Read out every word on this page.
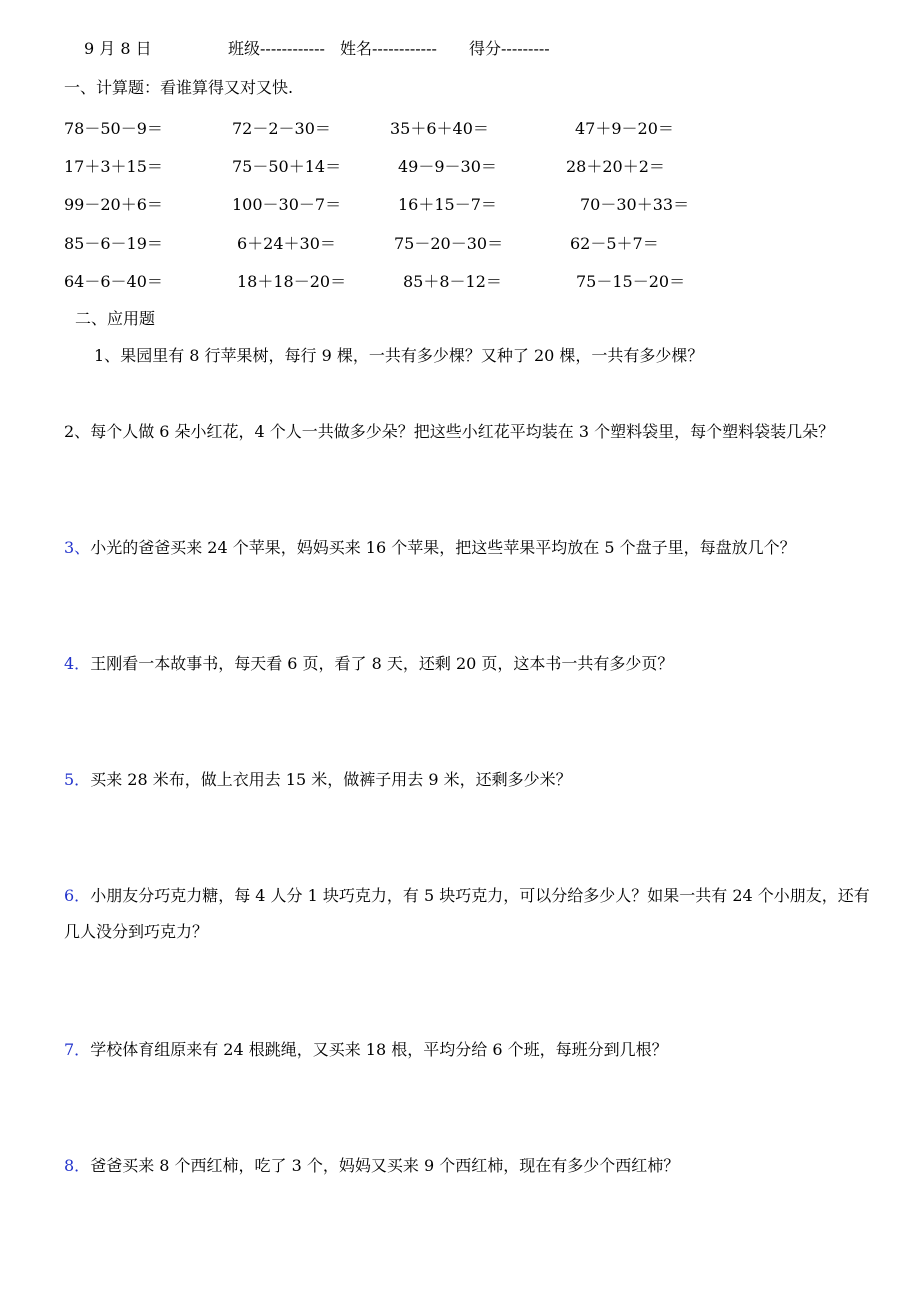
9 月 8 日	班级------------ 姓名------------ 得分---------
一、计算题：看谁算得又对又快.
78－50－9＝	72－2－30＝	35＋6＋40＝	47＋9－20＝
17＋3＋15＝	75－50＋14＝	49－9－30＝	28＋20＋2＝
99－20＋6＝	100－30－7＝	16＋15－7＝	70－30＋33＝
85－6－19＝	6＋24＋30＝	75－20－30＝	62－5＋7＝
64－6－40＝	18＋18－20＝	85＋8－12＝	75－15－20＝
二、应用题
1、果园里有 8 行苹果树，每行 9 棵，一共有多少棵？又种了 20 棵，一共有多少棵？
2、每个人做 6 朵小红花，4 个人一共做多少朵？把这些小红花平均装在 3 个塑料袋里，每个塑料袋装几朵？
3、小光的爸爸买来 24 个苹果，妈妈买来 16 个苹果，把这些苹果平均放在 5 个盘子里，每盘放几个？
4．王刚看一本故事书，每天看 6 页，看了 8 天，还剩 20 页，这本书一共有多少页？
5．买来 28 米布，做上衣用去 15 米，做裤子用去 9 米，还剩多少米？
6．小朋友分巧克力糖，每 4 人分 1 块巧克力，有 5 块巧克力，可以分给多少人？如果一共有 24 个小朋友，还有几人没分到巧克力？
7．学校体育组原来有 24 根跳绳，又买来 18 根，平均分给 6 个班，每班分到几根？
8．爸爸买来 8 个西红柿，吃了 3 个，妈妈又买来 9 个西红柿，现在有多少个西红柿？
